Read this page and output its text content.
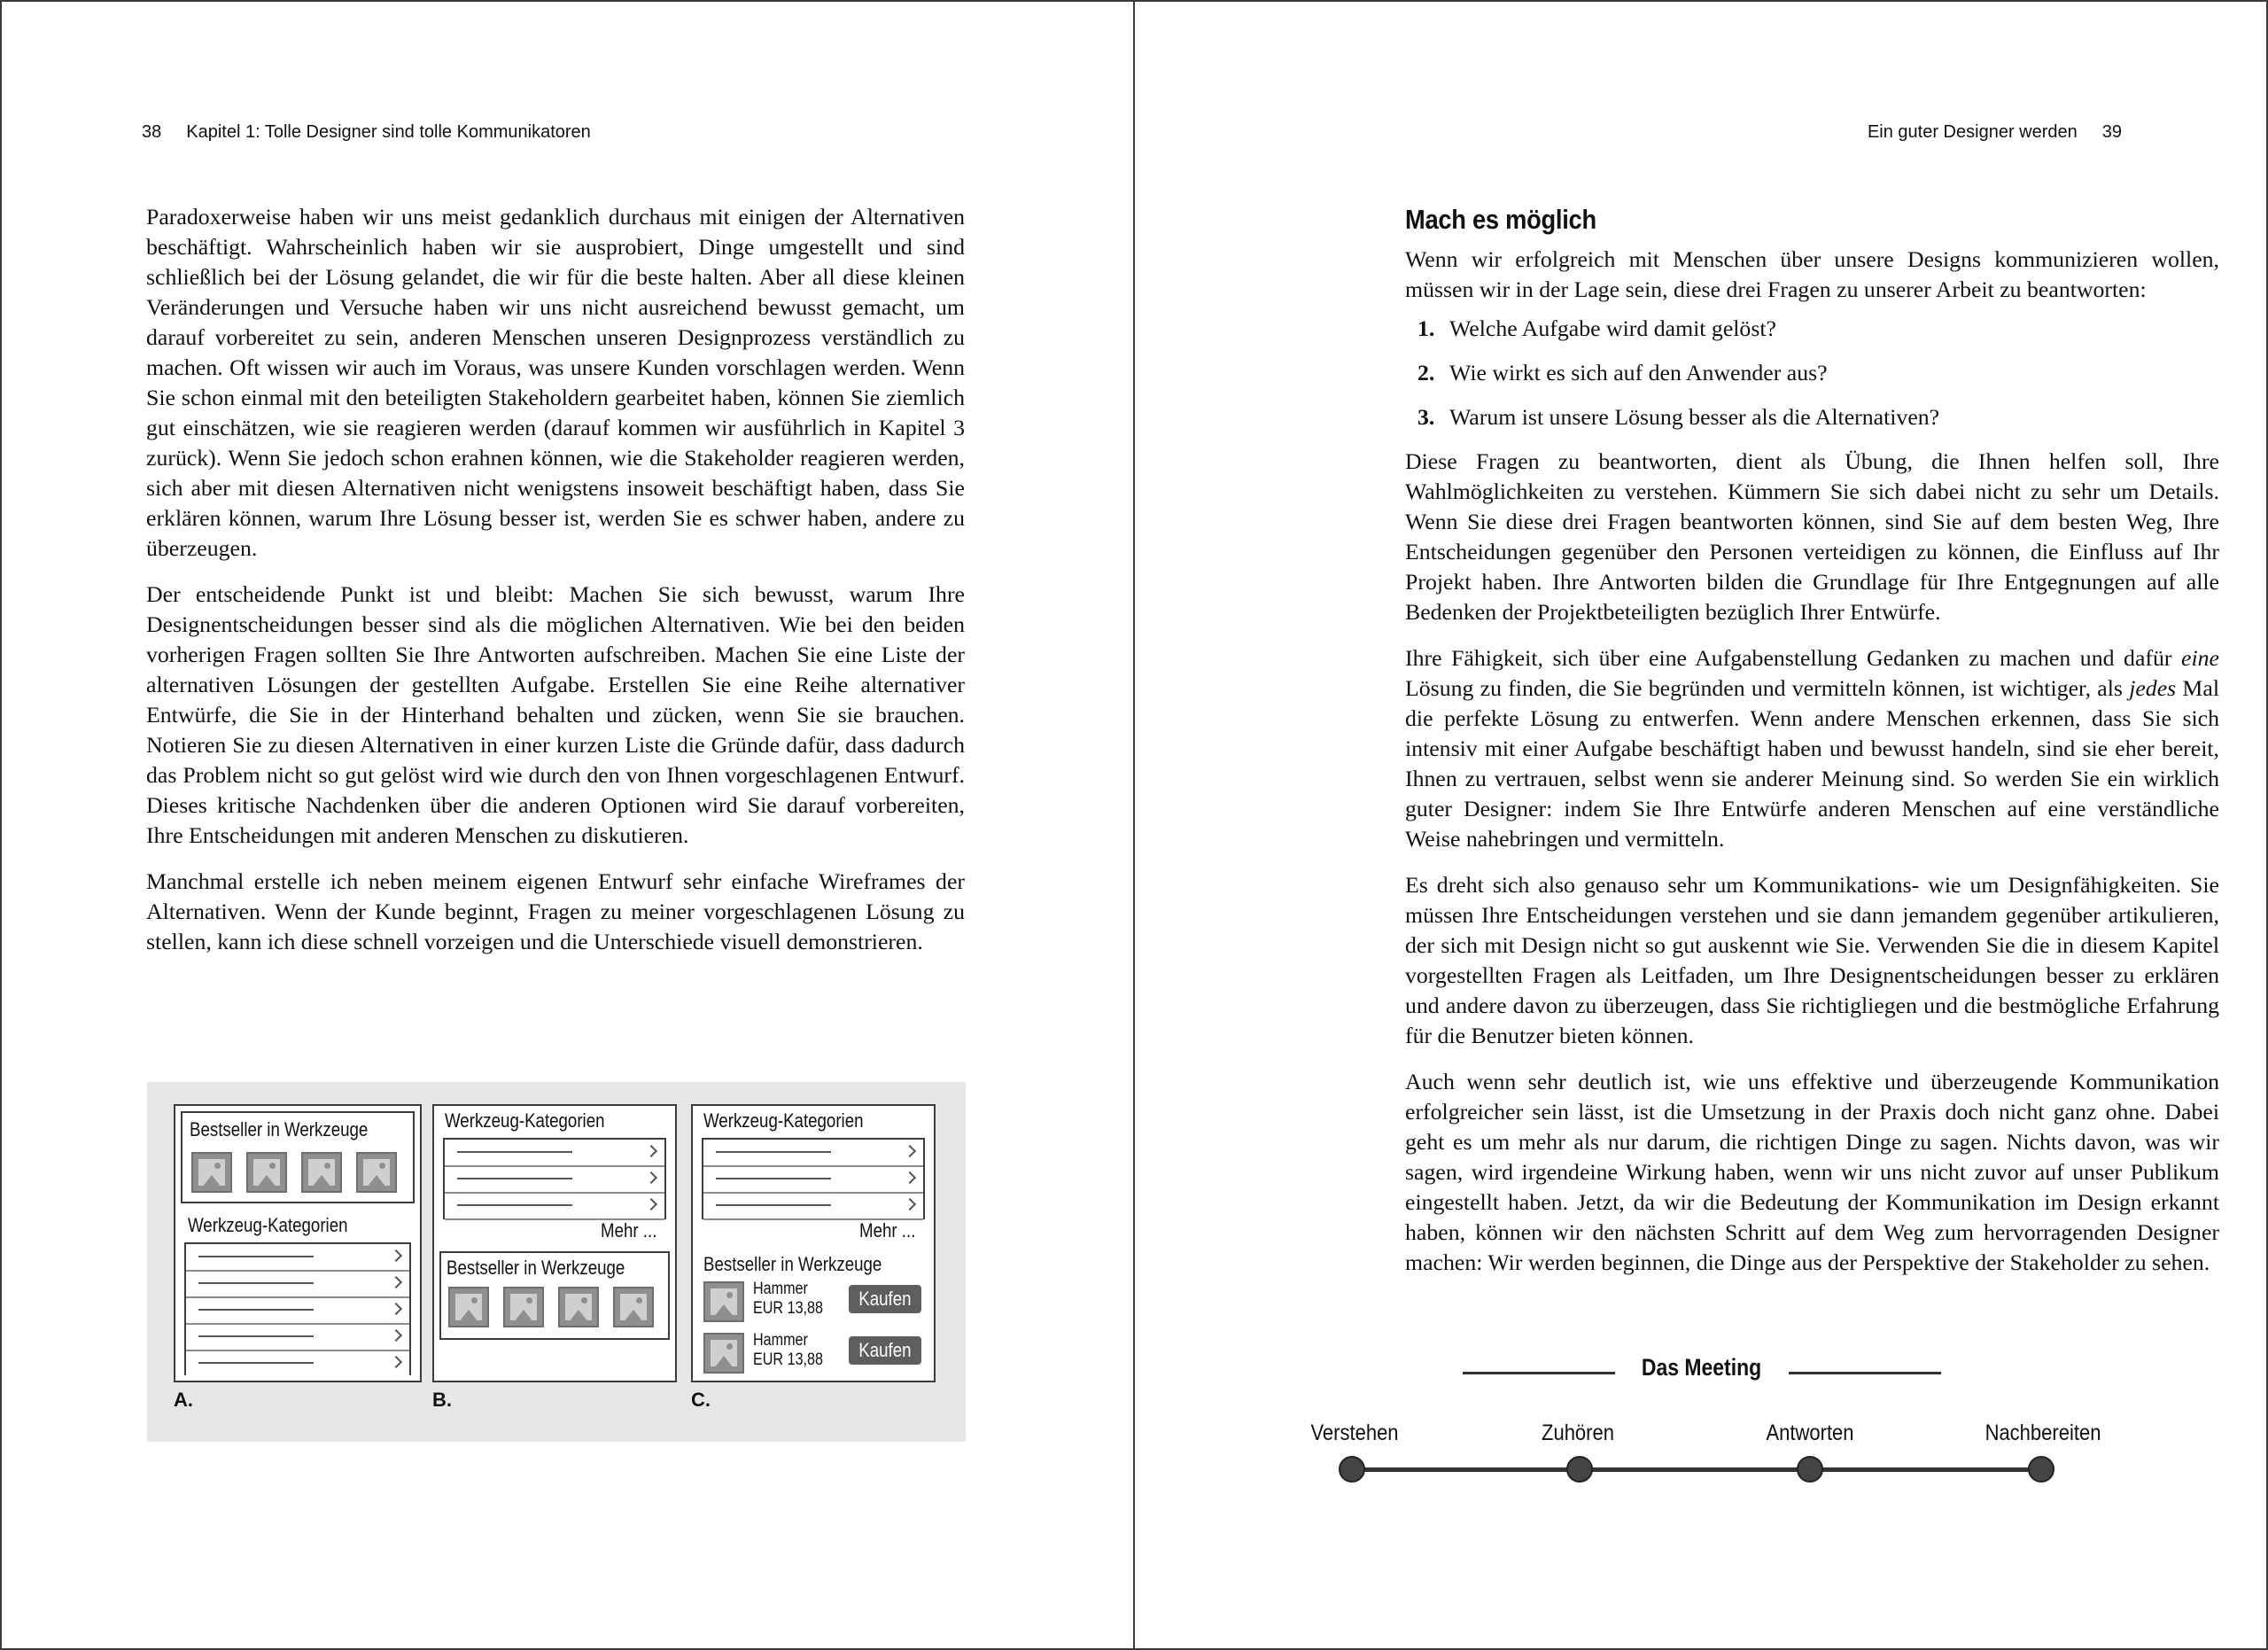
38 Kapitel 1: Tolle Designer sind tolle Kommunikatoren

Paradoxerweise haben wir uns meist gedanklich durchaus mit einigen der Alternativen beschäftigt. Wahrscheinlich haben wir sie ausprobiert, Dinge umgestellt und sind schließlich bei der Lösung gelandet, die wir für die beste halten. Aber all diese kleinen Veränderungen und Versuche haben wir uns nicht ausreichend bewusst gemacht, um darauf vorbereitet zu sein, anderen Menschen unseren Designprozess verständlich zu machen. Oft wissen wir auch im Voraus, was unsere Kunden vorschlagen werden. Wenn Sie schon einmal mit den beteiligten Stakeholdern gearbeitet haben, können Sie ziemlich gut einschätzen, wie sie reagieren werden (darauf kommen wir ausführlich in Kapitel 3 zurück). Wenn Sie jedoch schon erahnen können, wie die Stakeholder reagieren werden, sich aber mit diesen Alternativen nicht wenigstens insoweit beschäftigt haben, dass Sie erklären können, warum Ihre Lösung besser ist, werden Sie es schwer haben, andere zu überzeugen.

Der entscheidende Punkt ist und bleibt: Machen Sie sich bewusst, warum Ihre Designentscheidungen besser sind als die möglichen Alternativen. Wie bei den beiden vorherigen Fragen sollten Sie Ihre Antworten aufschreiben. Machen Sie eine Liste der alternativen Lösungen der gestellten Aufgabe. Erstellen Sie eine Reihe alternativer Entwürfe, die Sie in der Hinterhand behalten und zücken, wenn Sie sie brauchen. Notieren Sie zu diesen Alternativen in einer kurzen Liste die Gründe dafür, dass dadurch das Problem nicht so gut gelöst wird wie durch den von Ihnen vorgeschlagenen Entwurf. Dieses kritische Nachdenken über die anderen Optionen wird Sie darauf vorbereiten, Ihre Entscheidungen mit anderen Menschen zu diskutieren.

Manchmal erstelle ich neben meinem eigenen Entwurf sehr einfache Wireframes der Alternativen. Wenn der Kunde beginnt, Fragen zu meiner vorgeschlagenen Lösung zu stellen, kann ich diese schnell vorzeigen und die Unterschiede visuell demonstrieren.

Bestseller in Werkzeuge
Werkzeug-Kategorien
Werkzeug-Kategorien
Mehr ...
Bestseller in Werkzeuge
Werkzeug-Kategorien
Mehr ...
Bestseller in Werkzeuge
Hammer
EUR 13,88	Kaufen
Hammer
EUR 13,88	Kaufen
A.	B.	C.
Ein guter Designer werden 39
Mach es möglich

Wenn wir erfolgreich mit Menschen über unsere Designs kommunizieren wollen, müssen wir in der Lage sein, diese drei Fragen zu unserer Arbeit zu beantworten:

1. Welche Aufgabe wird damit gelöst?
2. Wie wirkt es sich auf den Anwender aus?
3. Warum ist unsere Lösung besser als die Alternativen?

Diese Fragen zu beantworten, dient als Übung, die Ihnen helfen soll, Ihre Wahlmöglichkeiten zu verstehen. Kümmern Sie sich dabei nicht zu sehr um Details. Wenn Sie diese drei Fragen beantworten können, sind Sie auf dem besten Weg, Ihre Entscheidungen gegenüber den Personen verteidigen zu können, die Einfluss auf Ihr Projekt haben. Ihre Antworten bilden die Grundlage für Ihre Entgegnungen auf alle Bedenken der Projektbeteiligten bezüglich Ihrer Entwürfe.

Ihre Fähigkeit, sich über eine Aufgabenstellung Gedanken zu machen und dafür eine Lösung zu finden, die Sie begründen und vermitteln können, ist wichtiger, als jedes Mal die perfekte Lösung zu entwerfen. Wenn andere Menschen erkennen, dass Sie sich intensiv mit einer Aufgabe beschäftigt haben und bewusst handeln, sind sie eher bereit, Ihnen zu vertrauen, selbst wenn sie anderer Meinung sind. So werden Sie ein wirklich guter Designer: indem Sie Ihre Entwürfe anderen Menschen auf eine verständliche Weise nahebringen und vermitteln.

Es dreht sich also genauso sehr um Kommunikations- wie um Designfähigkeiten. Sie müssen Ihre Entscheidungen verstehen und sie dann jemandem gegenüber artikulieren, der sich mit Design nicht so gut auskennt wie Sie. Verwenden Sie die in diesem Kapitel vorgestellten Fragen als Leitfaden, um Ihre Designentscheidungen besser zu erklären und andere davon zu überzeugen, dass Sie richtigliegen und die bestmögliche Erfahrung für die Benutzer bieten können.

Auch wenn sehr deutlich ist, wie uns effektive und überzeugende Kommunikation erfolgreicher sein lässt, ist die Umsetzung in der Praxis doch nicht ganz ohne. Dabei geht es um mehr als nur darum, die richtigen Dinge zu sagen. Nichts davon, was wir sagen, wird irgendeine Wirkung haben, wenn wir uns nicht zuvor auf unser Publikum eingestellt haben. Jetzt, da wir die Bedeutung der Kommunikation im Design erkannt haben, können wir den nächsten Schritt auf dem Weg zum hervorragenden Designer machen: Wir werden beginnen, die Dinge aus der Perspektive der Stakeholder zu sehen.

Das Meeting
Verstehen	Zuhören	Antworten	Nachbereiten
